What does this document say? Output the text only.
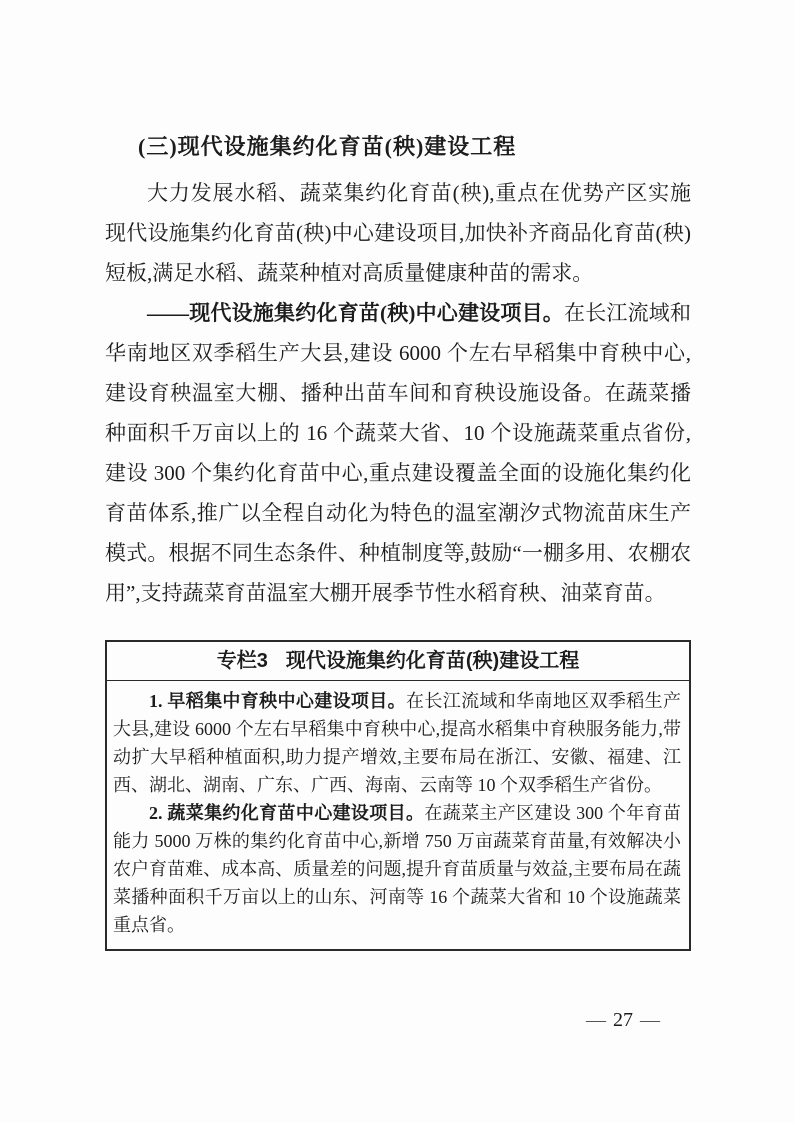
(三)现代设施集约化育苗(秧)建设工程

大力发展水稻、蔬菜集约化育苗(秧),重点在优势产区实施现代设施集约化育苗(秧)中心建设项目,加快补齐商品化育苗(秧)短板,满足水稻、蔬菜种植对高质量健康种苗的需求。

——现代设施集约化育苗(秧)中心建设项目。在长江流域和华南地区双季稻生产大县,建设 6000 个左右早稻集中育秧中心,建设育秧温室大棚、播种出苗车间和育秧设施设备。在蔬菜播种面积千万亩以上的 16 个蔬菜大省、10 个设施蔬菜重点省份,建设 300 个集约化育苗中心,重点建设覆盖全面的设施化集约化育苗体系,推广以全程自动化为特色的温室潮汐式物流苗床生产模式。根据不同生态条件、种植制度等,鼓励“一棚多用、农棚农用”,支持蔬菜育苗温室大棚开展季节性水稻育秧、油菜育苗。

专栏3 现代设施集约化育苗(秧)建设工程

1. 早稻集中育秧中心建设项目。在长江流域和华南地区双季稻生产大县,建设 6000 个左右早稻集中育秧中心,提高水稻集中育秧服务能力,带动扩大早稻种植面积,助力提产增效,主要布局在浙江、安徽、福建、江西、湖北、湖南、广东、广西、海南、云南等 10 个双季稻生产省份。

2. 蔬菜集约化育苗中心建设项目。在蔬菜主产区建设 300 个年育苗能力 5000 万株的集约化育苗中心,新增 750 万亩蔬菜育苗量,有效解决小农户育苗难、成本高、质量差的问题,提升育苗质量与效益,主要布局在蔬菜播种面积千万亩以上的山东、河南等 16 个蔬菜大省和 10 个设施蔬菜重点省。

— 27 —
